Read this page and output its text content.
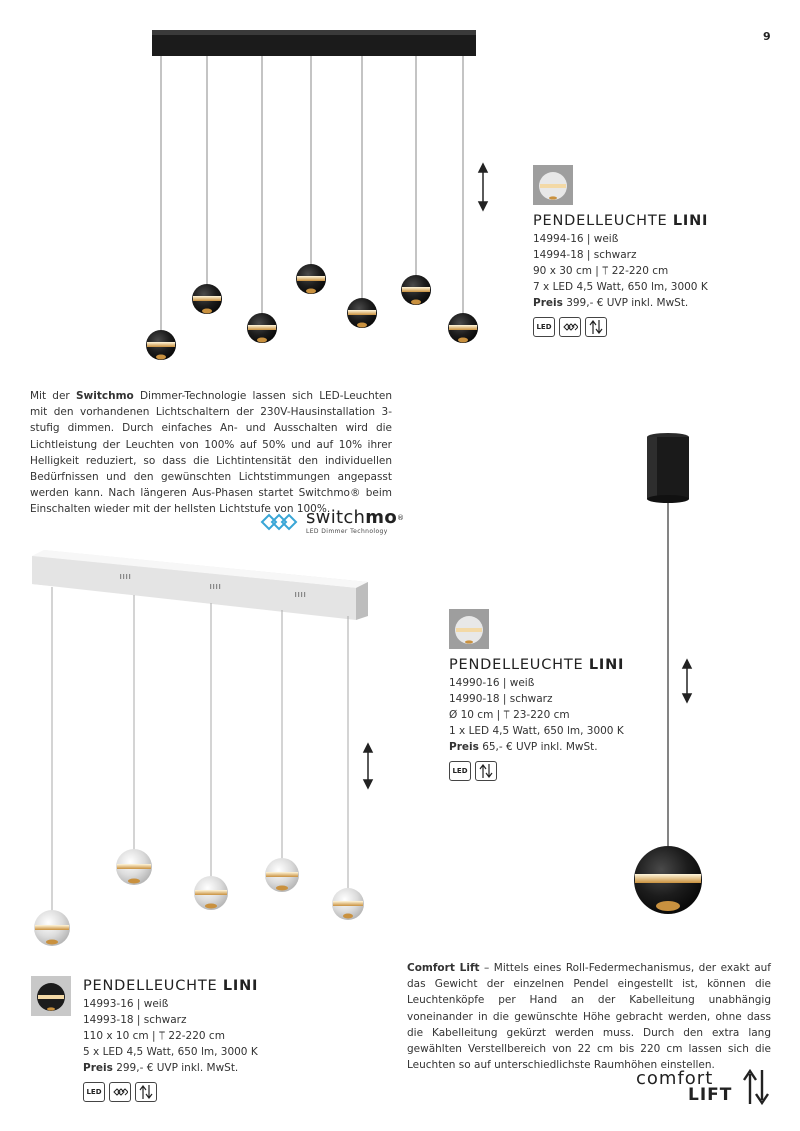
9
PENDELLEUCHTE LINI
14994-16 | weiß
14994-18 | schwarz
90 x 30 cm | ⟙ 22-220 cm
7 x LED 4,5 Watt, 650 lm, 3000 K
Preis 399,- € UVP inkl. MwSt.
LED
Mit der Switchmo Dimmer-Technologie lassen sich LED-Leuchten mit den vorhandenen Lichtschaltern der 230V-Hausinstallation 3-stufig dimmen. Durch einfaches An- und Ausschalten wird die Lichtleistung der Leuchten von 100% auf 50% und auf 10% ihrer Helligkeit reduziert, so dass die Lichtintensität den individuellen Bedürfnissen und den gewünschten Lichtstimmungen angepasst werden kann. Nach längeren Aus-Phasen startet Switchmo® beim Einschalten wieder mit der hellsten Lichtstufe von 100%.
switchmo®
LED Dimmer Technology
PENDELLEUCHTE LINI
14990-16 | weiß
14990-18 | schwarz
Ø 10 cm | ⟙ 23-220 cm
1 x LED 4,5 Watt, 650 lm, 3000 K
Preis 65,- € UVP inkl. MwSt.
LED
PENDELLEUCHTE LINI
14993-16 | weiß
14993-18 | schwarz
110 x 10 cm | ⟙ 22-220 cm
5 x LED 4,5 Watt, 650 lm, 3000 K
Preis 299,- € UVP inkl. MwSt.
LED
Comfort Lift – Mittels eines Roll-Federmechanismus, der exakt auf das Gewicht der einzelnen Pendel eingestellt ist, können die Leuchtenköpfe per Hand an der Kabelleitung unabhängig voneinander in die gewünschte Höhe gebracht werden, ohne dass die Kabelleitung gekürzt werden muss. Durch den extra lang gewählten Verstellbereich von 22 cm bis 220 cm lassen sich die Leuchten so auf unterschiedlichste Raumhöhen einstellen.
comfort
LIFT
